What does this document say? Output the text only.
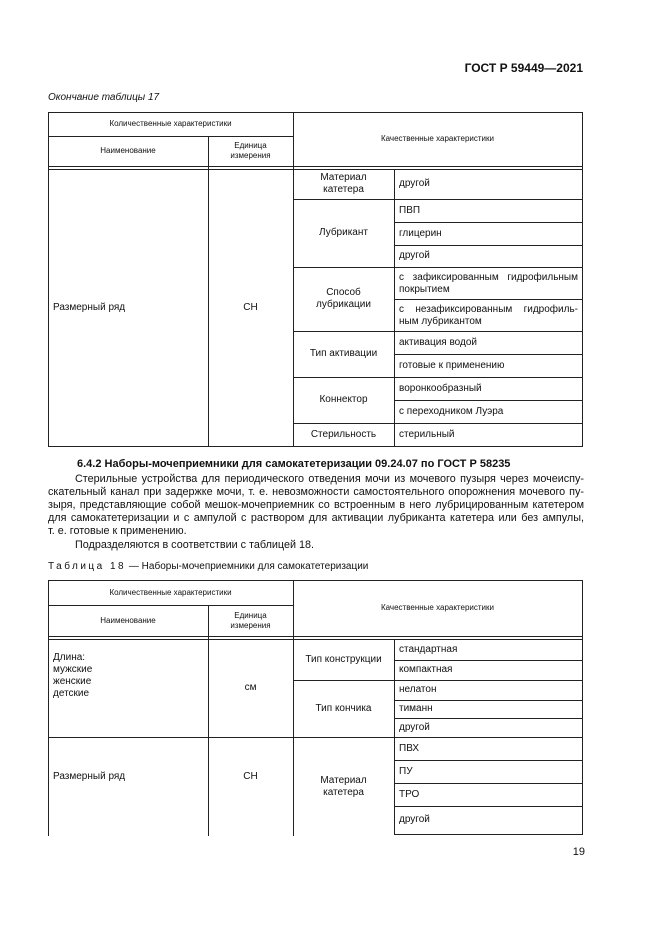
ГОСТ Р 59449—2021
Окончание таблицы 17
Количественные характеристики
Наименование
Единица
измерения
Качественные характеристики
Размерный ряд	СН
Материал
катетера
Лубрикант
Способ
лубрикации
Тип активации
Коннектор
Стерильность
другой
ПВП
глицерин
другой
с зафиксированным гидрофильным
покрытием
с незафиксированным гидрофиль-
ным лубрикантом
активация водой
готовые к применению
воронкообразный
с переходником Луэра
стерильный
6.4.2 Наборы-мочеприемники для самокатетеризации 09.24.07 по ГОСТ Р 58235
Стерильные устройства для периодического отведения мочи из мочевого пузыря через мочеиспу-
скательный канал при задержке мочи, т. е. невозможности самостоятельного опорожнения мочевого пу-
зыря, представляющие собой мешок-мочеприемник со встроенным в него лубрицированным катетером
для самокатетеризации и с ампулой с раствором для активации лубриканта катетера или без ампулы,
т. е. готовые к применению.
Подразделяются в соответствии с таблицей 18.
Таблица 18 — Наборы-мочеприемники для самокатетеризации
Количественные характеристики
Наименование
Единица
измерения
Качественные характеристики
Длина:
мужские
женские
детские
см
Размерный ряд	СН
Тип конструкции
Тип кончика
Материал
катетера
стандартная
компактная
нелатон
тиманн
другой
ПВХ
ПУ
ТРО
другой
19
